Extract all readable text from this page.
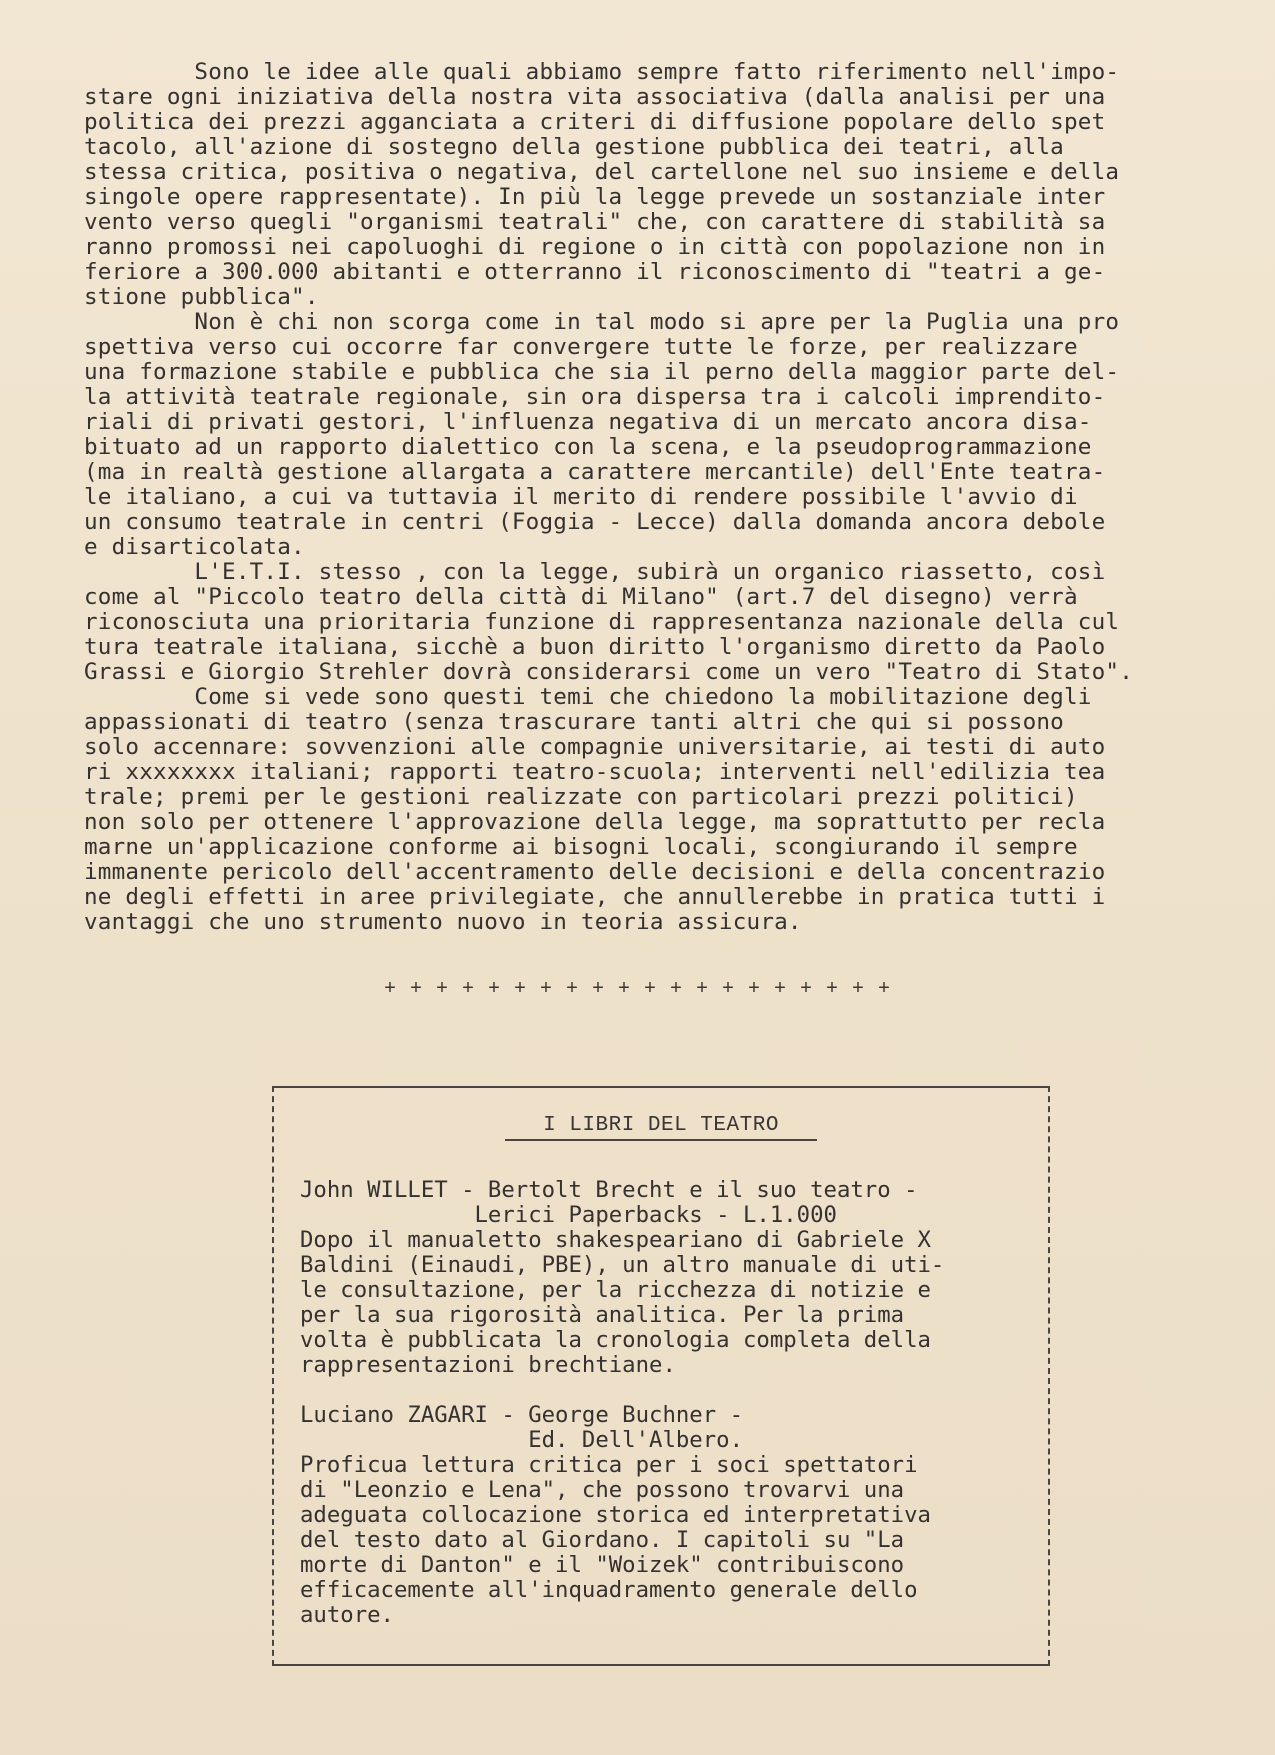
Sono le idee alle quali abbiamo sempre fatto riferimento nell'impo-
stare ogni iniziativa della nostra vita associativa (dalla analisi per una
politica dei prezzi agganciata a criteri di diffusione popolare dello spet
tacolo, all'azione di sostegno della gestione pubblica dei teatri, alla
stessa critica, positiva o negativa, del cartellone nel suo insieme e della
singole opere rappresentate). In più la legge prevede un sostanziale inter
vento verso quegli "organismi teatrali" che, con carattere di stabilità sa
ranno promossi nei capoluoghi di regione o in città con popolazione non in
feriore a 300.000 abitanti e otterranno il riconoscimento di "teatri a ge-
stione pubblica".
Non è chi non scorga come in tal modo si apre per la Puglia una pro
spettiva verso cui occorre far convergere tutte le forze, per realizzare
una formazione stabile e pubblica che sia il perno della maggior parte del-
la attività teatrale regionale, sin ora dispersa tra i calcoli imprendito-
riali di privati gestori, l'influenza negativa di un mercato ancora disa-
bituato ad un rapporto dialettico con la scena, e la pseudoprogrammazione
(ma in realtà gestione allargata a carattere mercantile) dell'Ente teatra-
le italiano, a cui va tuttavia il merito di rendere possibile l'avvio di
un consumo teatrale in centri (Foggia - Lecce) dalla domanda ancora debole
e disarticolata.
L'E.T.I. stesso , con la legge, subirà un organico riassetto, così
come al "Piccolo teatro della città di Milano" (art.7 del disegno) verrà
riconosciuta una prioritaria funzione di rappresentanza nazionale della cul
tura teatrale italiana, sicchè a buon diritto l'organismo diretto da Paolo
Grassi e Giorgio Strehler dovrà considerarsi come un vero "Teatro di Stato".
Come si vede sono questi temi che chiedono la mobilitazione degli
appassionati di teatro (senza trascurare tanti altri che qui si possono
solo accennare: sovvenzioni alle compagnie universitarie, ai testi di auto
ri xxxxxxxx italiani; rapporti teatro-scuola; interventi nell'edilizia tea
trale; premi per le gestioni realizzate con particolari prezzi politici)
non solo per ottenere l'approvazione della legge, ma soprattutto per recla
marne un'applicazione conforme ai bisogni locali, scongiurando il sempre
immanente pericolo dell'accentramento delle decisioni e della concentrazio
ne degli effetti in aree privilegiate, che annullerebbe in pratica tutti i
vantaggi che uno strumento nuovo in teoria assicura.
+ + + + + + + + + + + + + + + + + + + +
I LIBRI DEL TEATRO
John WILLET - Bertolt Brecht e il suo teatro -
Lerici Paperbacks - L.1.000
Dopo il manualetto shakespeariano di Gabriele X
Baldini (Einaudi, PBE), un altro manuale di uti-
le consultazione, per la ricchezza di notizie e
per la sua rigorosità analitica. Per la prima
volta è pubblicata la cronologia completa della
rappresentazioni brechtiane.

Luciano ZAGARI - George Buchner -
Ed. Dell'Albero.
Proficua lettura critica per i soci spettatori
di "Leonzio e Lena", che possono trovarvi una
adeguata collocazione storica ed interpretativa
del testo dato al Giordano. I capitoli su "La
morte di Danton" e il "Woizek" contribuiscono
efficacemente all'inquadramento generale dello
autore.
